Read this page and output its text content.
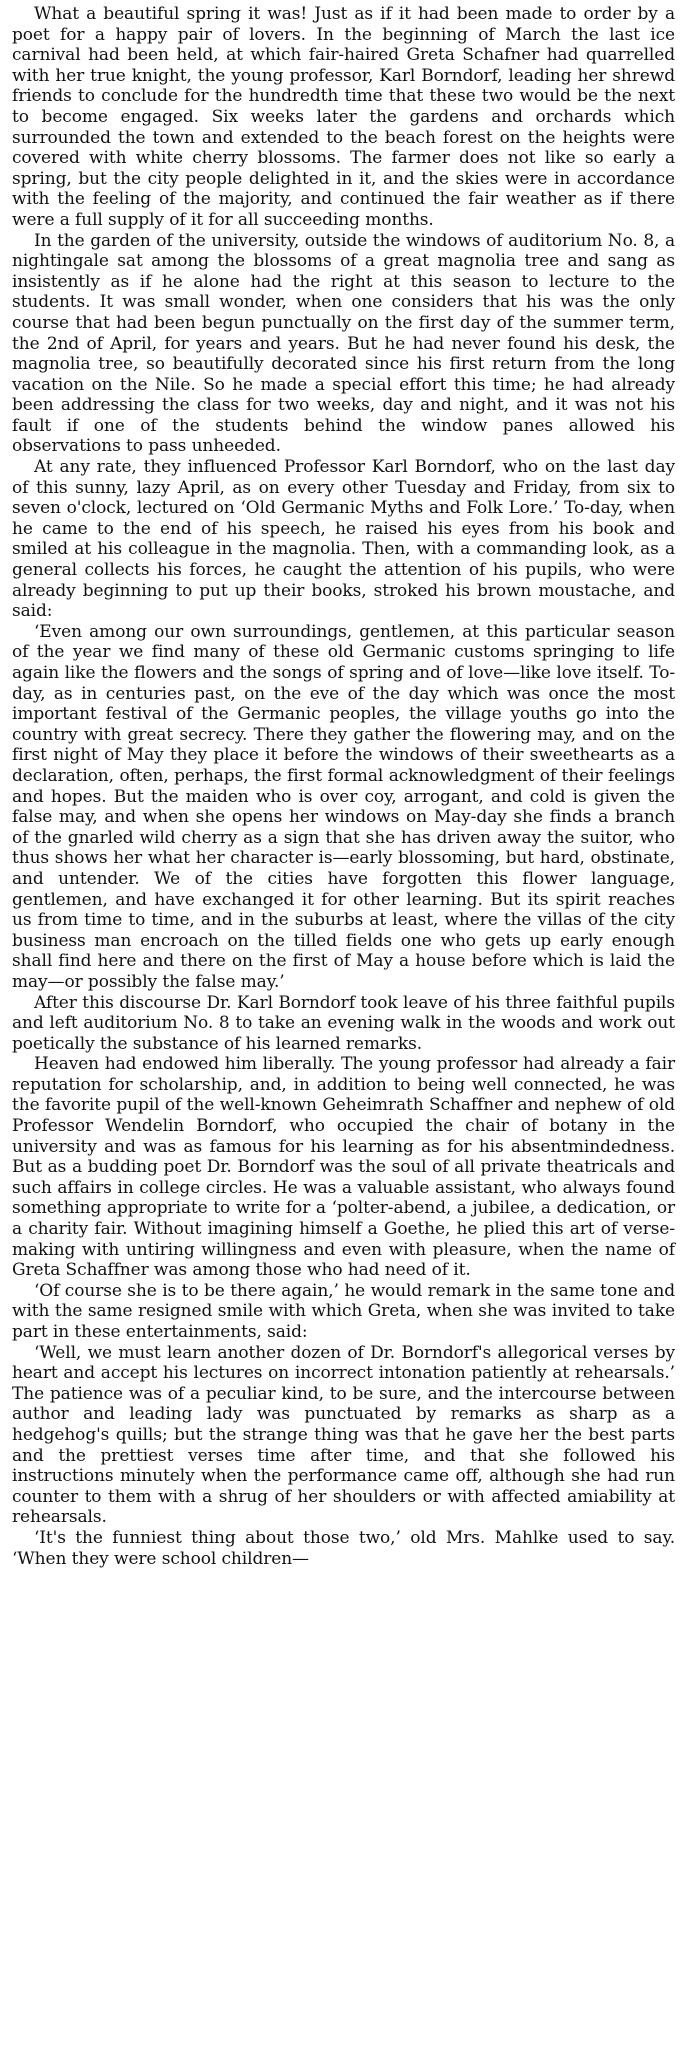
What a beautiful spring it was! Just as if it had been made to order by a poet for a happy pair of lovers. In the beginning of March the last ice carnival had been held, at which fair-haired Greta Schafner had quarrelled with her true knight, the young professor, Karl Borndorf, leading her shrewd friends to conclude for the hundredth time that these two would be the next to become engaged. Six weeks later the gardens and orchards which surrounded the town and extended to the beach forest on the heights were covered with white cherry blossoms. The farmer does not like so early a spring, but the city people delighted in it, and the skies were in accordance with the feeling of the majority, and continued the fair weather as if there were a full supply of it for all succeeding months.

In the garden of the university, outside the windows of auditorium No. 8, a nightingale sat among the blossoms of a great magnolia tree and sang as insistently as if he alone had the right at this season to lecture to the students. It was small wonder, when one considers that his was the only course that had been begun punctually on the first day of the summer term, the 2nd of April, for years and years. But he had never found his desk, the magnolia tree, so beautifully decorated since his first return from the long vacation on the Nile. So he made a special effort this time; he had already been addressing the class for two weeks, day and night, and it was not his fault if one of the students behind the window panes allowed his observations to pass unheeded.

At any rate, they influenced Professor Karl Borndorf, who on the last day of this sunny, lazy April, as on every other Tuesday and Friday, from six to seven o'clock, lectured on ‘Old Germanic Myths and Folk Lore.’ To-day, when he came to the end of his speech, he raised his eyes from his book and smiled at his colleague in the magnolia. Then, with a commanding look, as a general collects his forces, he caught the attention of his pupils, who were already beginning to put up their books, stroked his brown moustache, and said:

‘Even among our own surroundings, gentlemen, at this particular season of the year we find many of these old Germanic customs springing to life again like the flowers and the songs of spring and of love—like love itself. To-day, as in centuries past, on the eve of the day which was once the most important festival of the Germanic peoples, the village youths go into the country with great secrecy. There they gather the flowering may, and on the first night of May they place it before the windows of their sweethearts as a declaration, often, perhaps, the first formal acknowledgment of their feelings and hopes. But the maiden who is over coy, arrogant, and cold is given the false may, and when she opens her windows on May-day she finds a branch of the gnarled wild cherry as a sign that she has driven away the suitor, who thus shows her what her character is—early blossoming, but hard, obstinate, and untender. We of the cities have forgotten this flower language, gentlemen, and have exchanged it for other learning. But its spirit reaches us from time to time, and in the suburbs at least, where the villas of the city business man encroach on the tilled fields one who gets up early enough shall find here and there on the first of May a house before which is laid the may—or possibly the false may.’

After this discourse Dr. Karl Borndorf took leave of his three faithful pupils and left auditorium No. 8 to take an evening walk in the woods and work out poetically the substance of his learned remarks.

Heaven had endowed him liberally. The young professor had already a fair reputation for scholarship, and, in addition to being well connected, he was the favorite pupil of the well-known Geheimrath Schaffner and nephew of old Professor Wendelin Borndorf, who occupied the chair of botany in the university and was as famous for his learning as for his absentmindedness. But as a budding poet Dr. Borndorf was the soul of all private theatricals and such affairs in college circles. He was a valuable assistant, who always found something appropriate to write for a ‘polter-abend, a jubilee, a dedication, or a charity fair. Without imagining himself a Goethe, he plied this art of verse-making with untiring willingness and even with pleasure, when the name of Greta Schaffner was among those who had need of it.

‘Of course she is to be there again,’ he would remark in the same tone and with the same resigned smile with which Greta, when she was invited to take part in these entertainments, said:

‘Well, we must learn another dozen of Dr. Borndorf's allegorical verses by heart and accept his lectures on incorrect intonation patiently at rehearsals.’ The patience was of a peculiar kind, to be sure, and the intercourse between author and leading lady was punctuated by remarks as sharp as a hedgehog's quills; but the strange thing was that he gave her the best parts and the prettiest verses time after time, and that she followed his instructions minutely when the performance came off, although she had run counter to them with a shrug of her shoulders or with affected amiability at rehearsals.

‘It's the funniest thing about those two,’ old Mrs. Mahlke used to say. ‘When they were school children—
